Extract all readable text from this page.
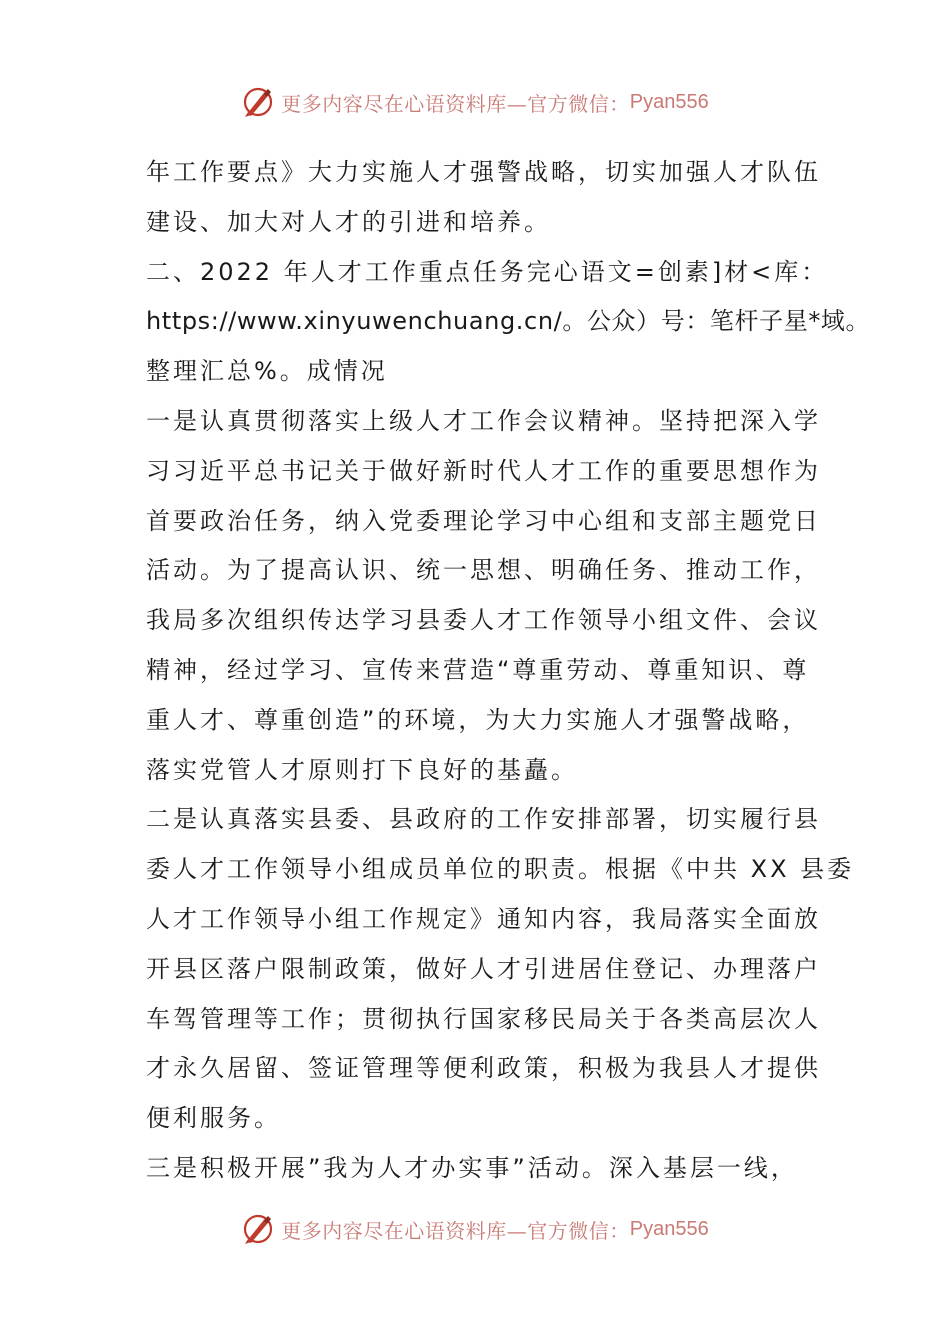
更多内容尽在心语资料库—官方微信： Pyan556
年工作要点》大力实施人才强警战略，切实加强人才队伍
建设、加大对人才的引进和培养。
二、2022 年人才工作重点任务完心语文=创素]材<库：
https://www.xinyuwenchuang.cn/。公众）号：笔杆子星*域。
整理汇总%。成情况
一是认真贯彻落实上级人才工作会议精神。坚持把深入学
习习近平总书记关于做好新时代人才工作的重要思想作为
首要政治任务，纳入党委理论学习中心组和支部主题党日
活动。为了提高认识、统一思想、明确任务、推动工作，
我局多次组织传达学习县委人才工作领导小组文件、会议
精神，经过学习、宣传来营造“尊重劳动、尊重知识、尊
重人才、尊重创造”的环境，为大力实施人才强警战略，
落实党管人才原则打下良好的基矗。
二是认真落实县委、县政府的工作安排部署，切实履行县
委人才工作领导小组成员单位的职责。根据《中共 XX 县委
人才工作领导小组工作规定》通知内容，我局落实全面放
开县区落户限制政策，做好人才引进居住登记、办理落户
车驾管理等工作；贯彻执行国家移民局关于各类高层次人
才永久居留、签证管理等便利政策，积极为我县人才提供
便利服务。
三是积极开展”我为人才办实事”活动。深入基层一线，
更多内容尽在心语资料库—官方微信： Pyan556
